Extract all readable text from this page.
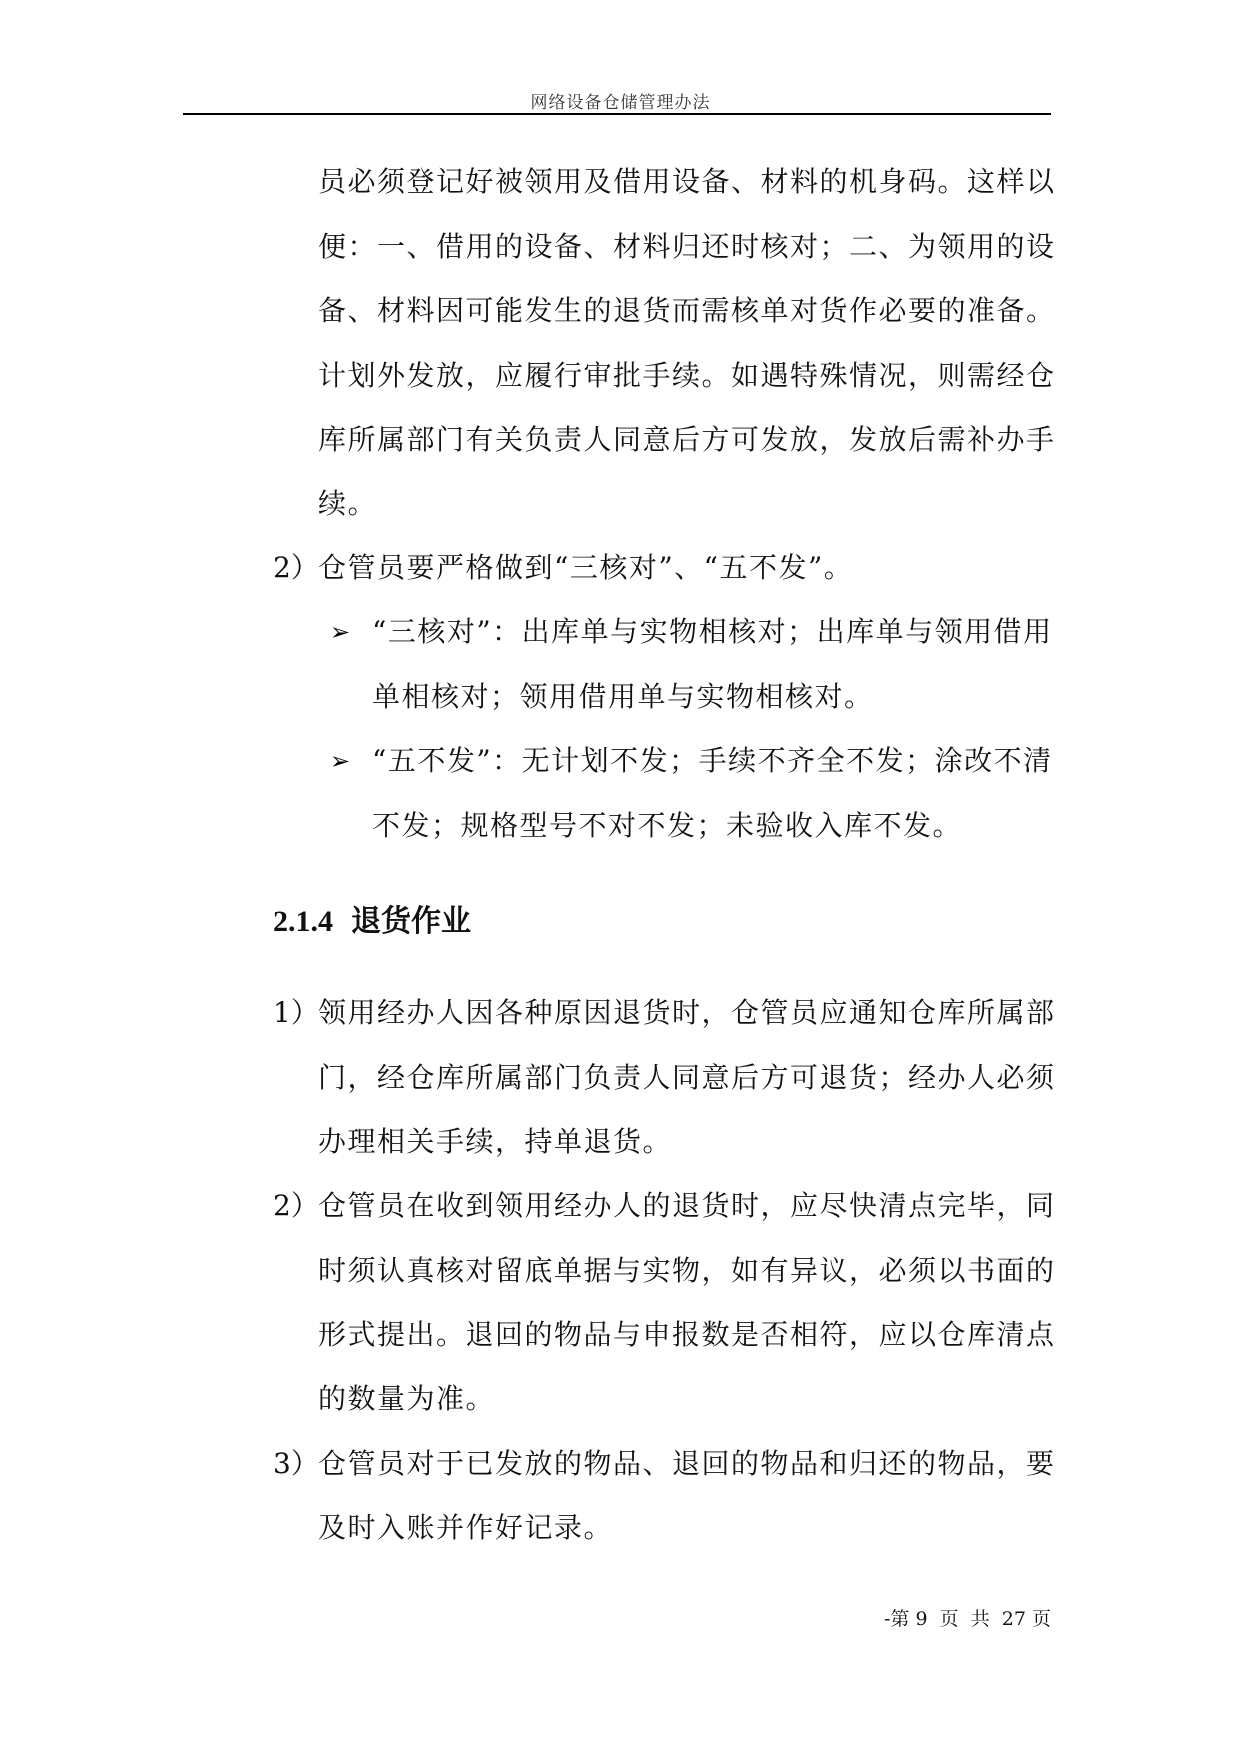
网络设备仓储管理办法
员必须登记好被领用及借用设备、材料的机身码。这样以
便：一、借用的设备、材料归还时核对；二、为领用的设
备、材料因可能发生的退货而需核单对货作必要的准备。
计划外发放，应履行审批手续。如遇特殊情况，则需经仓
库所属部门有关负责人同意后方可发放，发放后需补办手
续。
2） 仓管员要严格做到“三核对”、“五不发”。
➢ “三核对”：出库单与实物相核对；出库单与领用借用
单相核对；领用借用单与实物相核对。
➢ “五不发”：无计划不发；手续不齐全不发；涂改不清
不发；规格型号不对不发；未验收入库不发。
2.1.4 退货作业
1） 领用经办人因各种原因退货时，仓管员应通知仓库所属部
门，经仓库所属部门负责人同意后方可退货；经办人必须
办理相关手续，持单退货。
2） 仓管员在收到领用经办人的退货时，应尽快清点完毕，同
时须认真核对留底单据与实物，如有异议，必须以书面的
形式提出。退回的物品与申报数是否相符，应以仓库清点
的数量为准。
3） 仓管员对于已发放的物品、退回的物品和归还的物品，要
及时入账并作好记录。
-第 9  页  共  27 页
